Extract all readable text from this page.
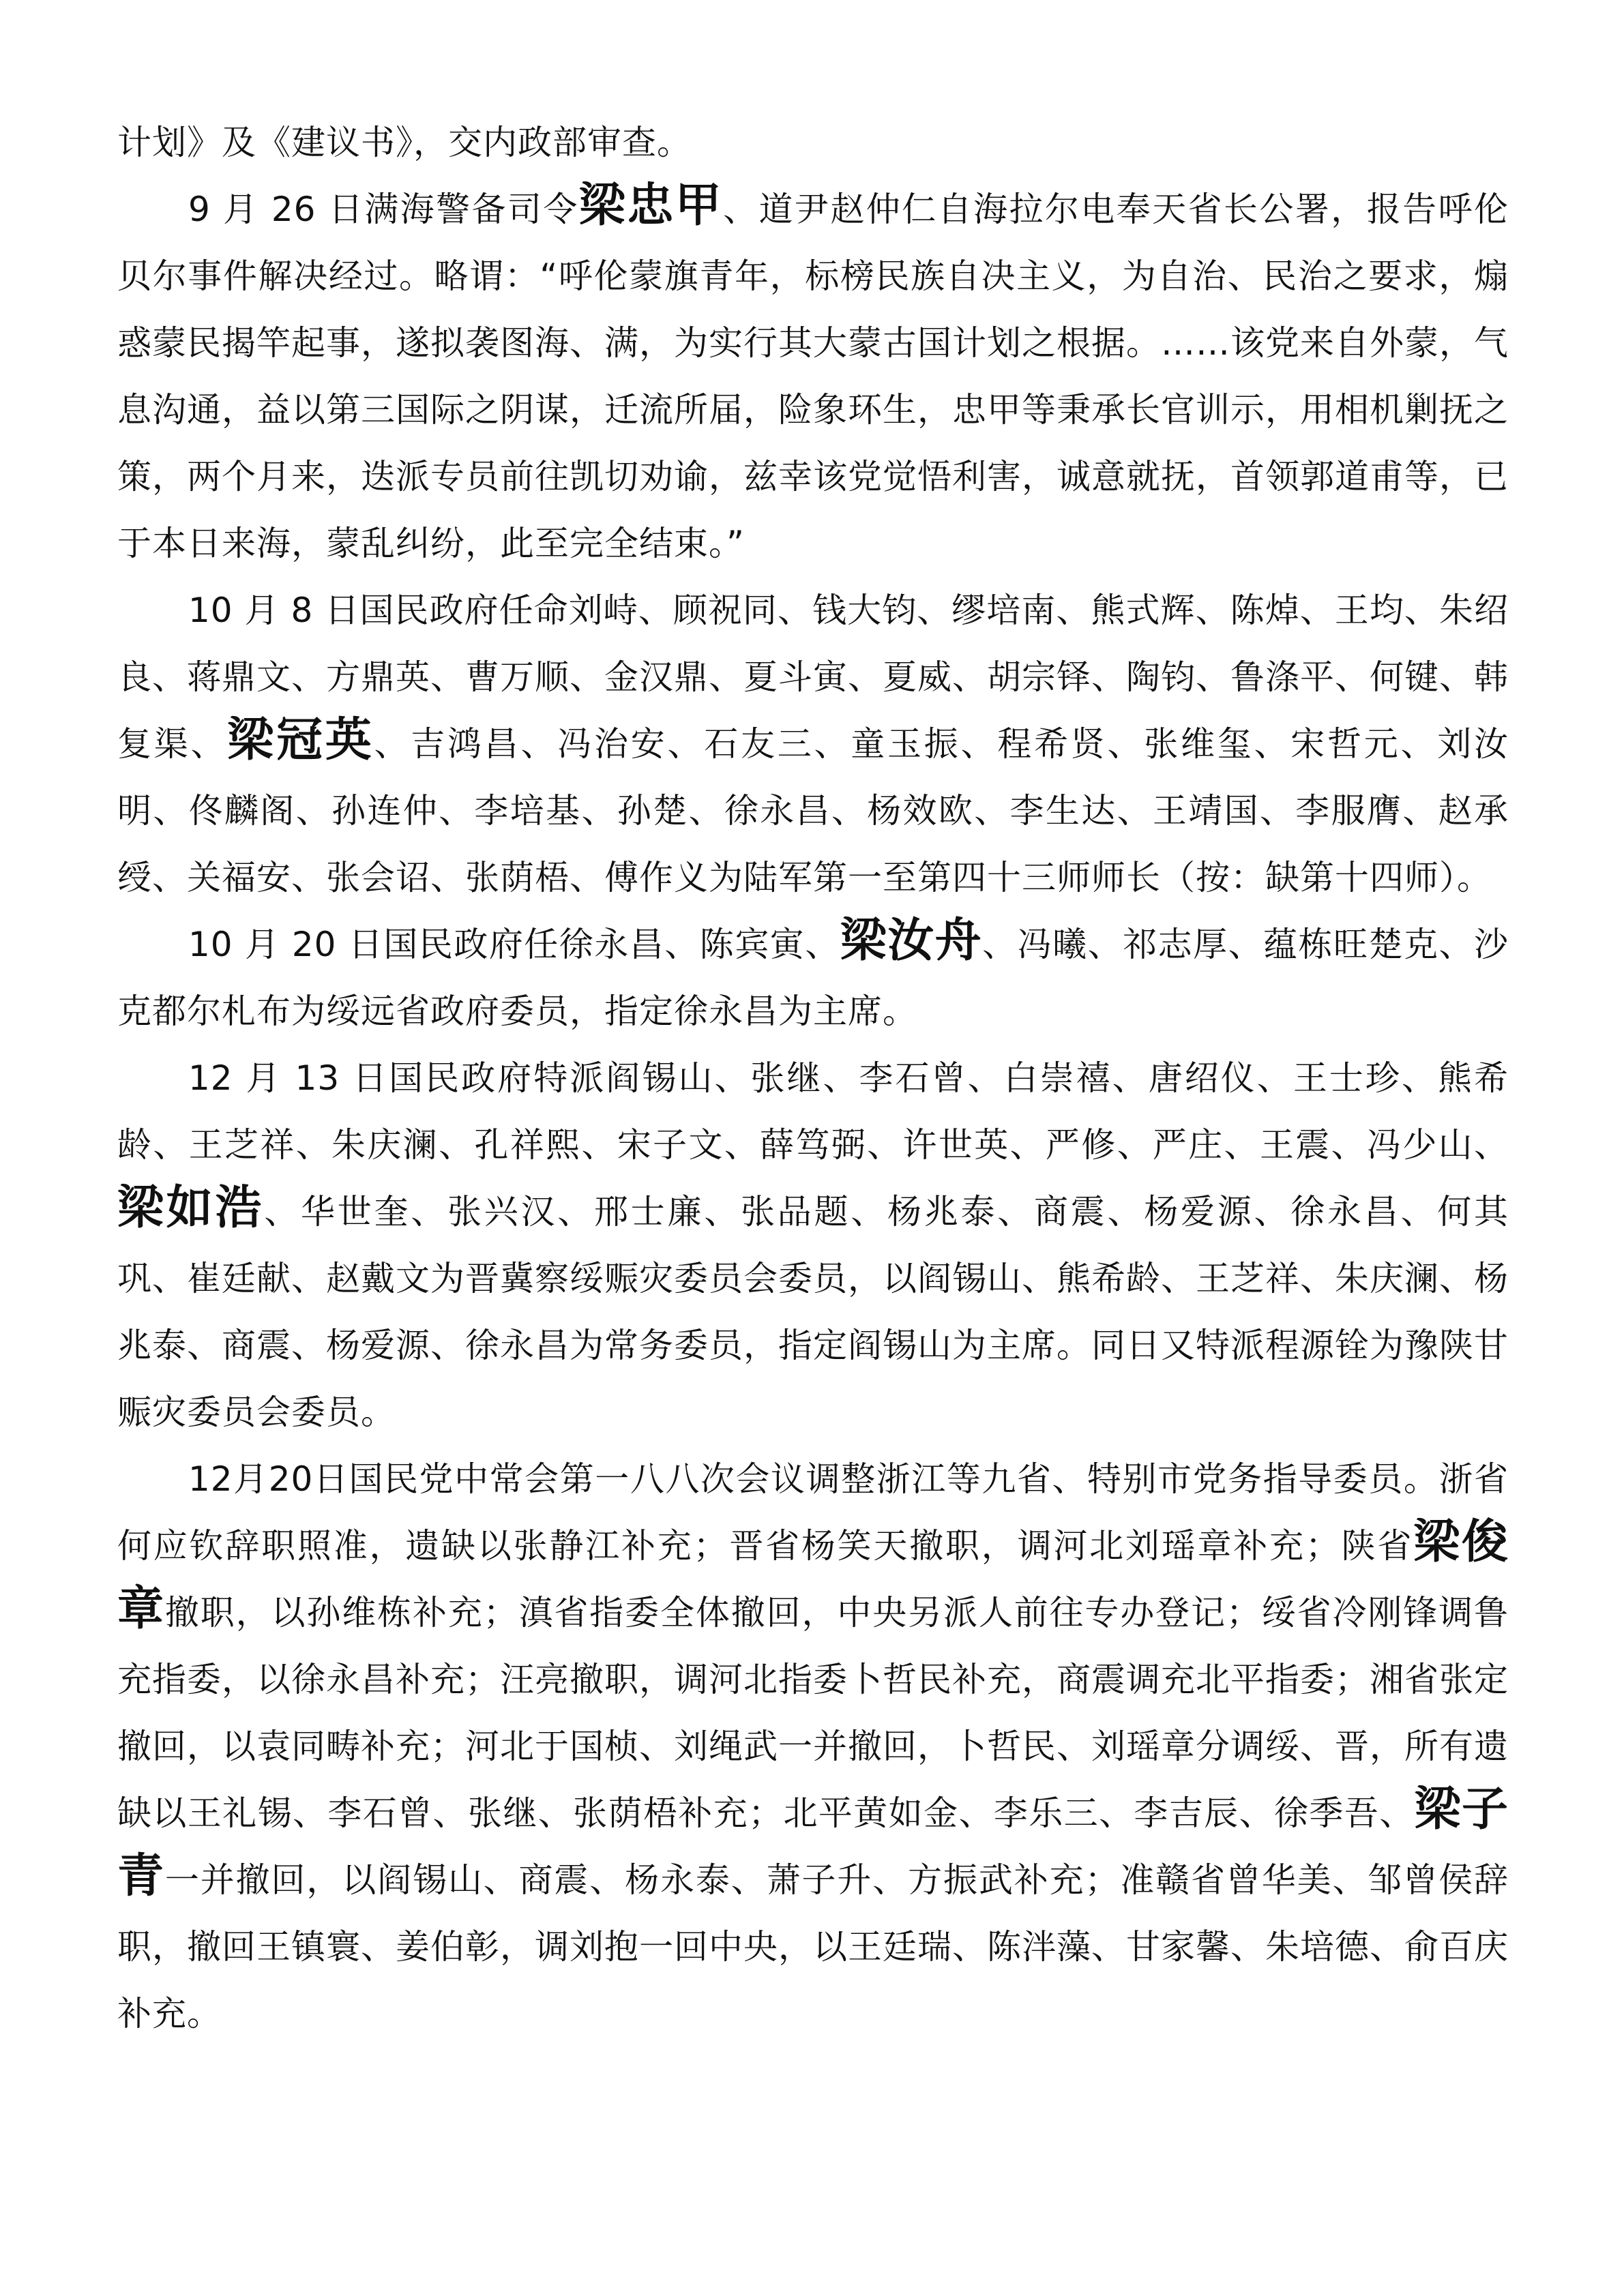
计划》及《建议书》，交内政部审查。

9 月 26 日满海警备司令梁忠甲、道尹赵仲仁自海拉尔电奉天省长公署，报告呼伦贝尔事件解决经过。略谓：“呼伦蒙旗青年，标榜民族自决主义，为自治、民治之要求，煽惑蒙民揭竿起事，遂拟袭图海、满，为实行其大蒙古国计划之根据。……该党来自外蒙，气息沟通，益以第三国际之阴谋，迁流所届，险象环生，忠甲等秉承长官训示，用相机剿抚之策，两个月来，迭派专员前往凯切劝谕，兹幸该党觉悟利害，诚意就抚，首领郭道甫等，已于本日来海，蒙乱纠纷，此至完全结束。”

10 月 8 日国民政府任命刘峙、顾祝同、钱大钧、缪培南、熊式辉、陈焯、王均、朱绍良、蒋鼎文、方鼎英、曹万顺、金汉鼎、夏斗寅、夏威、胡宗铎、陶钧、鲁涤平、何键、韩复渠、梁冠英、吉鸿昌、冯治安、石友三、童玉振、程希贤、张维玺、宋哲元、刘汝明、佟麟阁、孙连仲、李培基、孙楚、徐永昌、杨效欧、李生达、王靖国、李服膺、赵承绶、关福安、张会诏、张荫梧、傅作义为陆军第一至第四十三师师长（按：缺第十四师）。

10 月 20 日国民政府任徐永昌、陈宾寅、梁汝舟、冯曦、祁志厚、蕴栋旺楚克、沙克都尔札布为绥远省政府委员，指定徐永昌为主席。

12 月 13 日国民政府特派阎锡山、张继、李石曾、白崇禧、唐绍仪、王士珍、熊希龄、王芝祥、朱庆澜、孔祥熙、宋子文、薛笃弼、许世英、严修、严庄、王震、冯少山、梁如浩、华世奎、张兴汉、邢士廉、张品题、杨兆泰、商震、杨爱源、徐永昌、何其巩、崔廷献、赵戴文为晋冀察绥赈灾委员会委员，以阎锡山、熊希龄、王芝祥、朱庆澜、杨兆泰、商震、杨爱源、徐永昌为常务委员，指定阎锡山为主席。同日又特派程源铨为豫陕甘赈灾委员会委员。

12月20日国民党中常会第一八八次会议调整浙江等九省、特别市党务指导委员。浙省何应钦辞职照准，遗缺以张静江补充；晋省杨笑天撤职，调河北刘瑶章补充；陕省梁俊章撤职，以孙维栋补充；滇省指委全体撤回，中央另派人前往专办登记；绥省冷刚锋调鲁充指委，以徐永昌补充；汪亮撤职，调河北指委卜哲民补充，商震调充北平指委；湘省张定撤回，以袁同畴补充；河北于国桢、刘绳武一并撤回，卜哲民、刘瑶章分调绥、晋，所有遗缺以王礼锡、李石曾、张继、张荫梧补充；北平黄如金、李乐三、李吉辰、徐季吾、梁子青一并撤回，以阎锡山、商震、杨永泰、萧子升、方振武补充；准赣省曾华美、邹曾侯辞职，撤回王镇寰、姜伯彰，调刘抱一回中央，以王廷瑞、陈泮藻、甘家馨、朱培德、俞百庆补充。
